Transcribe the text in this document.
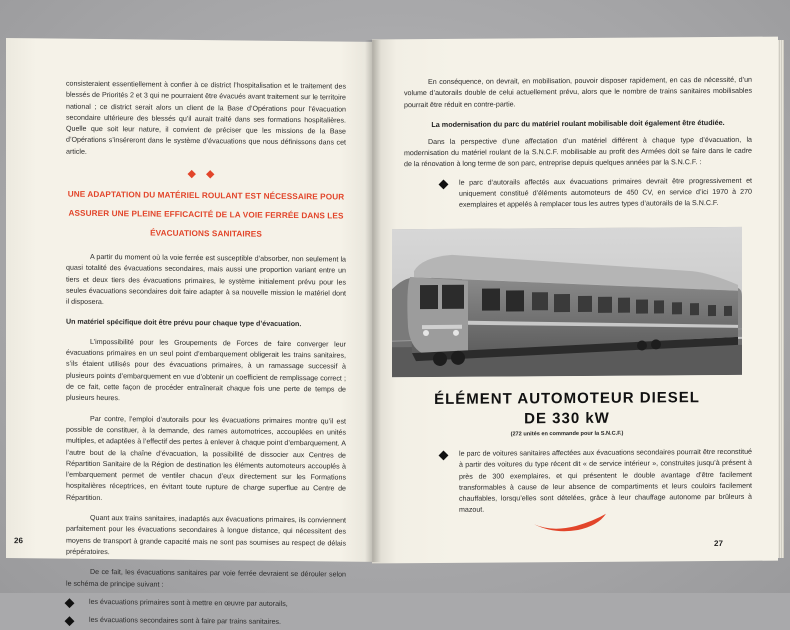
consisteraient essentiellement à confier à ce district l’hospitalisation et le traitement des blessés de Priorités 2 et 3 qui ne pourraient être évacués avant traitement sur le territoire national ; ce district serait alors un client de la Base d’Opérations pour l’évacuation secondaire ultérieure des blessés qu’il aurait traité dans ses formations hospitalières. Quelle que soit leur nature, il convient de préciser que les missions de la Base d’Opérations s’inséreront dans le système d’évacuations que nous définissons dans cet article.

◆◆

UNE ADAPTATION DU MATÉRIEL ROULANT EST NÉCESSAIRE POUR ASSURER UNE PLEINE EFFICACITÉ DE LA VOIE FERRÉE DANS LES ÉVACUATIONS SANITAIRES

A partir du moment où la voie ferrée est susceptible d’absorber, non seulement la quasi totalité des évacuations secondaires, mais aussi une proportion variant entre un tiers et deux tiers des évacuations primaires, le système initialement prévu pour les seules évacuations secondaires doit faire adapter à sa nouvelle mission le matériel dont il disposera.

Un matériel spécifique doit être prévu pour chaque type d’évacuation.

L’impossibilité pour les Groupements de Forces de faire converger leur évacuations primaires en un seul point d’embarquement obligerait les trains sanitaires, s’ils étaient utilisés pour des évacuations primaires, à un ramassage successif à plusieurs points d’embarquement en vue d’obtenir un coefficient de remplissage correct ; de ce fait, cette façon de procéder entraînerait chaque fois une perte de temps de plusieurs heures.

Par contre, l’emploi d’autorails pour les évacuations primaires montre qu’il est possible de constituer, à la demande, des rames automotrices, accouplées en unités multiples, et adaptées à l’effectif des pertes à enlever à chaque point d’embarquement. A l’autre bout de la chaîne d’évacuation, la possibilité de dissocier aux Centres de Répartition Sanitaire de la Région de destination les éléments automoteurs accouplés à l’embarquement permet de ventiler chacun d’eux directement sur les Formations hospitalières réceptrices, en évitant toute rupture de charge superflue au Centre de Répartition.

Quant aux trains sanitaires, inadaptés aux évacuations primaires, ils conviennent parfaitement pour les évacuations secondaires à longue distance, qui nécessitent des moyens de transport à grande capacité mais ne sont pas soumises au respect de délais prépératoires.

De ce fait, les évacuations sanitaires par voie ferrée devraient se dérouler selon le schéma de principe suivant :

les évacuations primaires sont à mettre en œuvre par autorails,
les évacuations secondaires sont à faire par trains sanitaires.
26

En conséquence, on devrait, en mobilisation, pouvoir disposer rapidement, en cas de nécessité, d’un volume d’autorails double de celui actuellement prévu, alors que le nombre de trains sanitaires mobilisables pourrait être réduit en contre-partie.

La modernisation du parc du matériel roulant mobilisable doit également être étudiée.

Dans la perspective d’une affectation d’un matériel différent à chaque type d’évacuation, la modernisation du matériel roulant de la S.N.C.F. mobilisable au profit des Armées doit se faire dans le cadre de la rénovation à long terme de son parc, entreprise depuis quelques années par la S.N.C.F. :

le parc d’autorails affectés aux évacuations primaires devrait être progressivement et uniquement constitué d’éléments automoteurs de 450 CV, en service d’ici 1970 à 270 exemplaires et appelés à remplacer tous les autres types d’autorails de la S.N.C.F.
ÉLÉMENT AUTOMOTEUR DIESEL
DE 330 kW
(272 unités en commande pour la S.N.C.F.)
le parc de voitures sanitaires affectées aux évacuations secondaires pourrait être reconstitué à partir des voitures du type récent dit « de service intérieur », construites jusqu’à présent à près de 300 exemplaires, et qui présentent le double avantage d’être facilement transformables à cause de leur absence de compartiments et leurs couloirs facilement chauffables, lorsqu’elles sont dételées, grâce à leur chauffage autonome par brûleurs à mazout.
27
